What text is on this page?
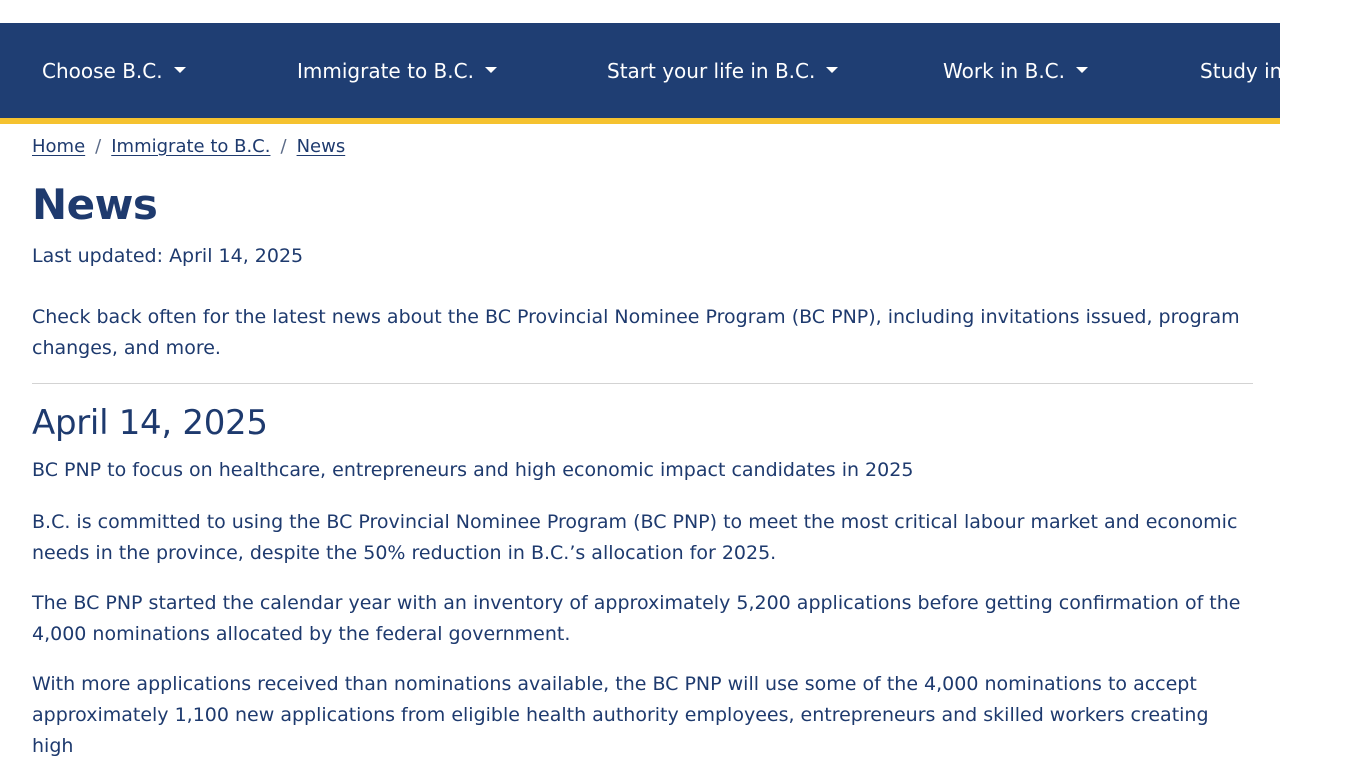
Choose B.C.	Immigrate to B.C.	Start your life in B.C.	Work in B.C.	Study in B.C.
Home / Immigrate to B.C. / News
News
Last updated: April 14, 2025

Check back often for the latest news about the BC Provincial Nominee Program (BC PNP), including invitations issued, program changes, and more.

April 14, 2025
BC PNP to focus on healthcare, entrepreneurs and high economic impact candidates in 2025

B.C. is committed to using the BC Provincial Nominee Program (BC PNP) to meet the most critical labour market and economic needs in the province, despite the 50% reduction in B.C.’s allocation for 2025.

The BC PNP started the calendar year with an inventory of approximately 5,200 applications before getting confirmation of the 4,000 nominations allocated by the federal government.

With more applications received than nominations available, the BC PNP will use some of the 4,000 nominations to accept approximately 1,100 new applications from eligible health authority employees, entrepreneurs and skilled workers creating high
